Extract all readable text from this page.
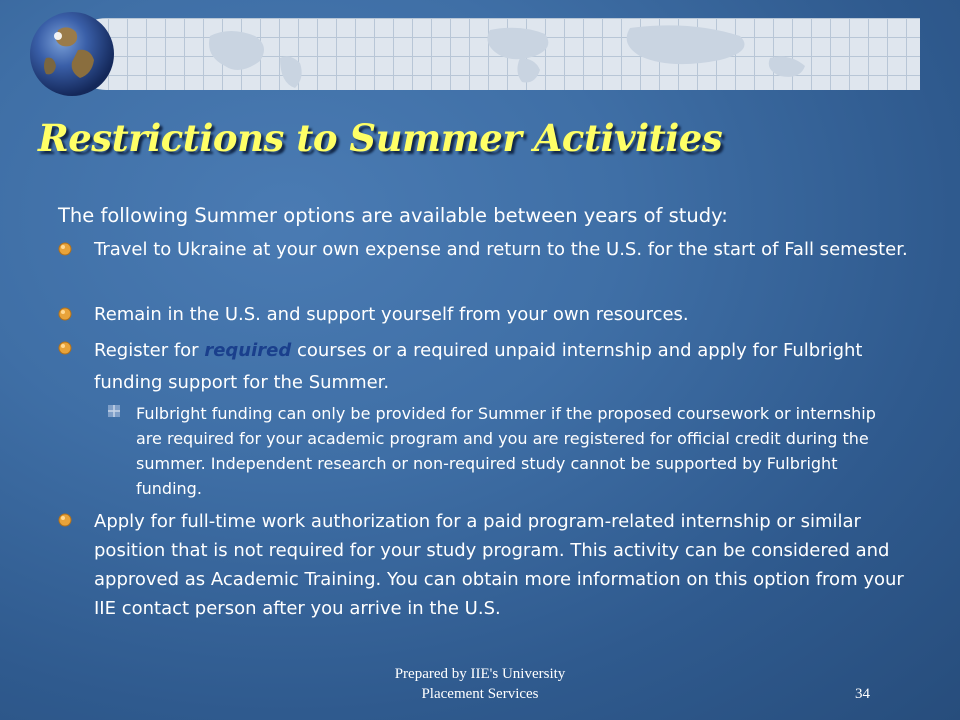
Restrictions to Summer Activities
The following Summer options are available between years of study:
Travel to Ukraine at your own expense and return to the U.S. for the start of Fall semester.
Remain in the U.S. and support yourself from your own resources.
Register for required courses or a required unpaid internship and apply for Fulbright funding support for the Summer.
Fulbright funding can only be provided for Summer if the proposed coursework or internship are required for your academic program and you are registered for official credit during the summer. Independent research or non-required study cannot be supported by Fulbright funding.
Apply for full-time work authorization for a paid program-related internship or similar position that is not required for your study program. This activity can be considered and approved as Academic Training. You can obtain more information on this option from your IIE contact person after you arrive in the U.S.
Prepared by IIE's University
Placement Services	34
